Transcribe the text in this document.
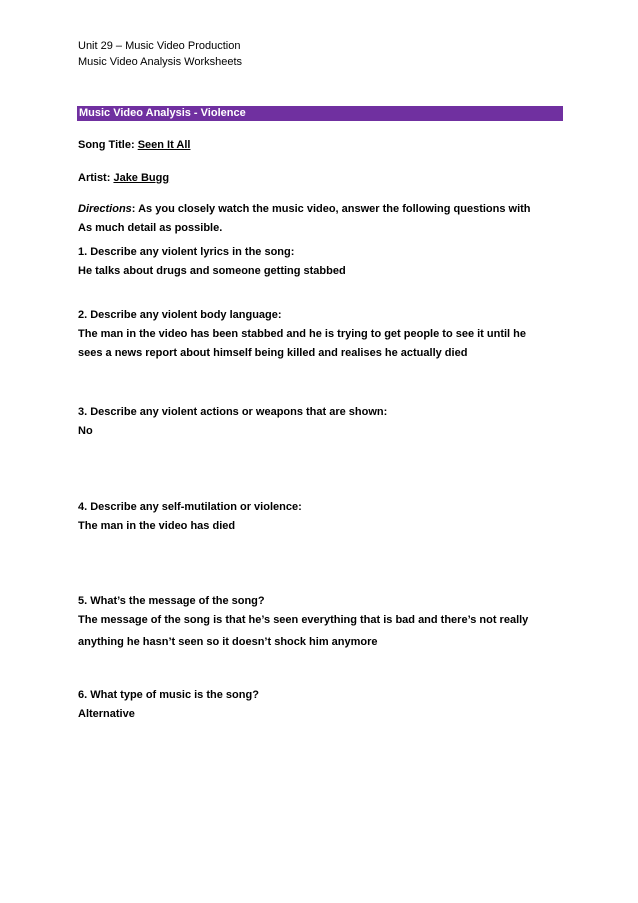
Unit 29 – Music Video Production
Music Video Analysis Worksheets
Music Video Analysis - Violence
Song Title: Seen It All
Artist: Jake Bugg
Directions: As you closely watch the music video, answer the following questions with
As much detail as possible.
1. Describe any violent lyrics in the song:
He talks about drugs and someone getting stabbed
2. Describe any violent body language:
The man in the video has been stabbed and he is trying to get people to see it until he
sees a news report about himself being killed and realises he actually died
3. Describe any violent actions or weapons that are shown:
No
4. Describe any self-mutilation or violence:
The man in the video has died
5. What’s the message of the song?
The message of the song is that he’s seen everything that is bad and there’s not really
anything he hasn’t seen so it doesn’t shock him anymore
6. What type of music is the song?
Alternative
